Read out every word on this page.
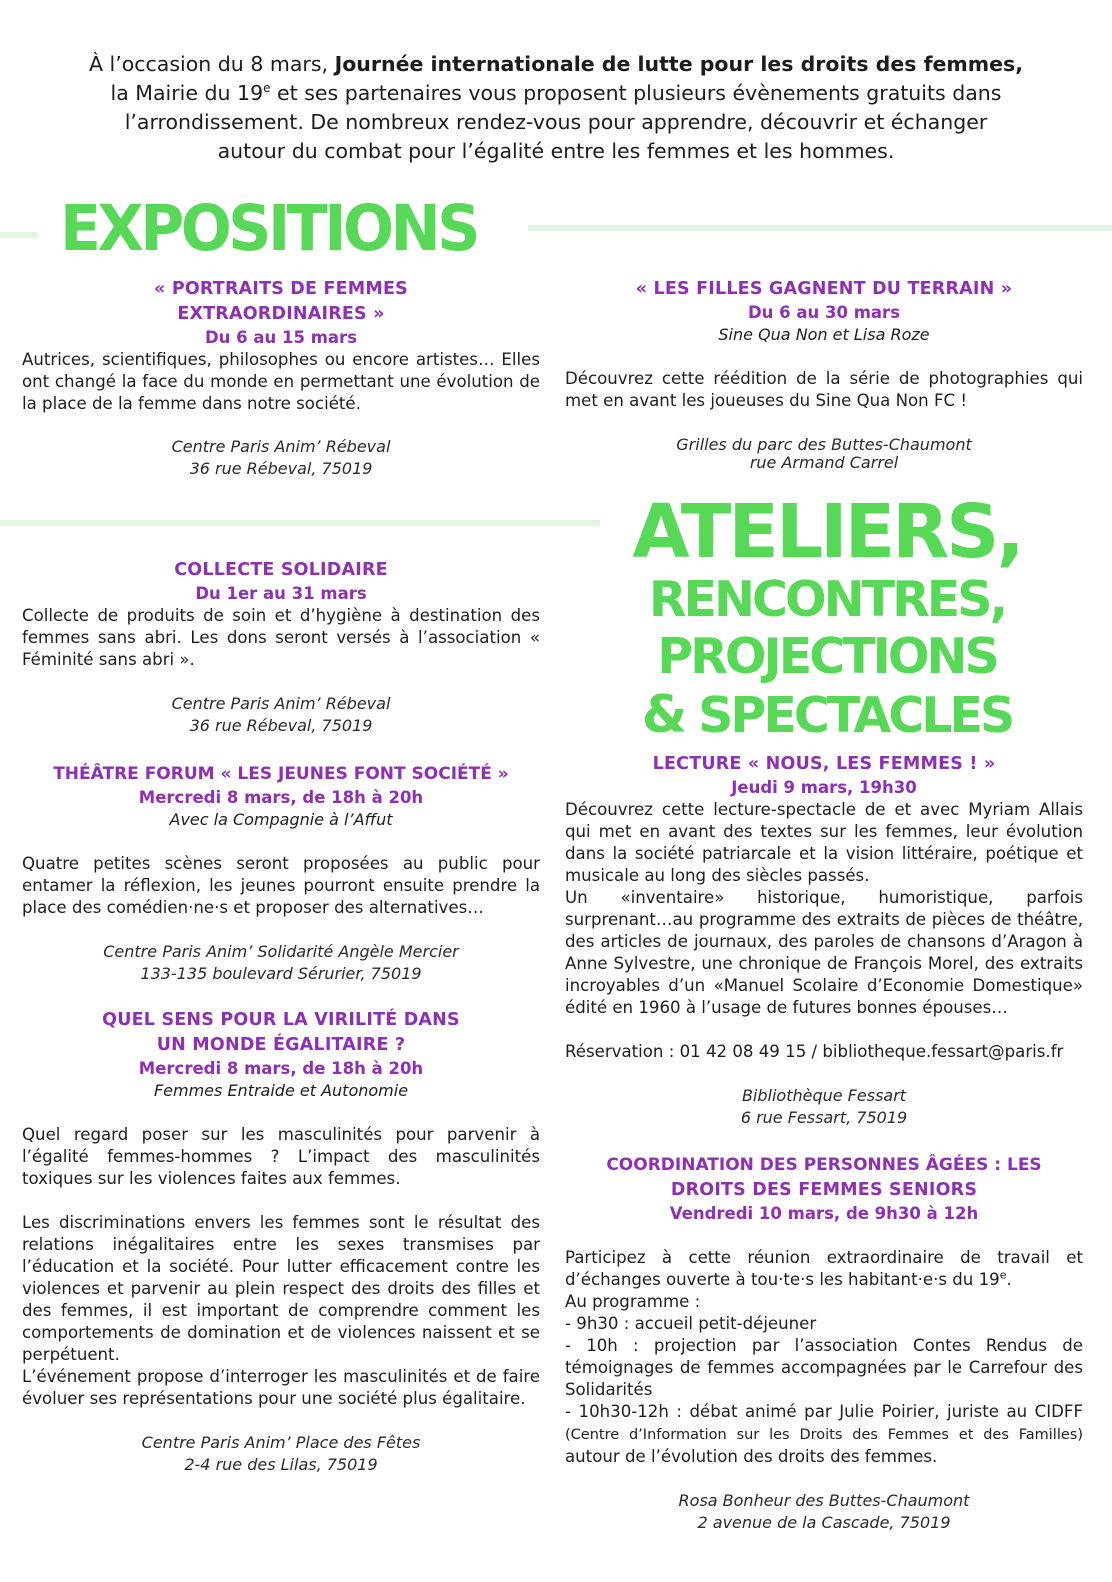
À l’occasion du 8 mars, Journée internationale de lutte pour les droits des femmes,
la Mairie du 19e et ses partenaires vous proposent plusieurs évènements gratuits dans
l’arrondissement. De nombreux rendez-vous pour apprendre, découvrir et échanger
autour du combat pour l’égalité entre les femmes et les hommes.
EXPOSITIONS
ATELIERS,
RENCONTRES,
PROJECTIONS
& SPECTACLES
« PORTRAITS DE FEMMES
EXTRAORDINAIRES »
Du 6 au 15 mars
Autrices, scientifiques, philosophes ou encore artistes… Elles ont changé la face du monde en permettant une évolution de la place de la femme dans notre société.
Centre Paris Anim’ Rébeval
36 rue Rébeval, 75019
« LES FILLES GAGNENT DU TERRAIN »
Du 6 au 30 mars
Sine Qua Non et Lisa Roze
Découvrez cette réédition de la série de photographies qui met en avant les joueuses du Sine Qua Non FC !
Grilles du parc des Buttes-Chaumont
rue Armand Carrel
COLLECTE SOLIDAIRE
Du 1er au 31 mars
Collecte de produits de soin et d’hygiène à destination des femmes sans abri. Les dons seront versés à l’association « Féminité sans abri ».
Centre Paris Anim’ Rébeval
36 rue Rébeval, 75019
THÉÂTRE FORUM « LES JEUNES FONT SOCIÉTÉ »
Mercredi 8 mars, de 18h à 20h
Avec la Compagnie à l’Affut
Quatre petites scènes seront proposées au public pour entamer la réflexion, les jeunes pourront ensuite prendre la place des comédien·ne·s et proposer des alternatives…
Centre Paris Anim’ Solidarité Angèle Mercier
133-135 boulevard Sérurier, 75019
QUEL SENS POUR LA VIRILITÉ DANS
UN MONDE ÉGALITAIRE ?
Mercredi 8 mars, de 18h à 20h
Femmes Entraide et Autonomie

Quel regard poser sur les masculinités pour parvenir à l’égalité femmes-hommes ? L’impact des masculinités toxiques sur les violences faites aux femmes.

Les discriminations envers les femmes sont le résultat des relations inégalitaires entre les sexes transmises par l’éducation et la société. Pour lutter efficacement contre les violences et parvenir au plein respect des droits des filles et des femmes, il est important de comprendre comment les comportements de domination et de violences naissent et se perpétuent.

L’événement propose d’interroger les masculinités et de faire évoluer ses représentations pour une société plus égalitaire.

Centre Paris Anim’ Place des Fêtes
2-4 rue des Lilas, 75019
LECTURE « NOUS, LES FEMMES ! »
Jeudi 9 mars, 19h30

Découvrez cette lecture-spectacle de et avec Myriam Allais qui met en avant des textes sur les femmes, leur évolution dans la société patriarcale et la vision littéraire, poétique et musicale au long des siècles passés.

Un «inventaire» historique, humoristique, parfois surprenant…au programme des extraits de pièces de théâtre, des articles de journaux, des paroles de chansons d’Aragon à Anne Sylvestre, une chronique de François Morel, des extraits incroyables d’un «Manuel Scolaire d’Economie Domestique» édité en 1960 à l’usage de futures bonnes épouses…

Réservation : 01 42 08 49 15 / bibliotheque.fessart@paris.fr

Bibliothèque Fessart
6 rue Fessart, 75019
COORDINATION DES PERSONNES ÂGÉES : LES
DROITS DES FEMMES SENIORS
Vendredi 10 mars, de 9h30 à 12h

Participez à cette réunion extraordinaire de travail et d’échanges ouverte à tou·te·s les habitant·e·s du 19e.

Au programme :

- 9h30 : accueil petit-déjeuner

- 10h : projection par l’association Contes Rendus de témoignages de femmes accompagnées par le Carrefour des Solidarités

- 10h30-12h : débat animé par Julie Poirier, juriste au CIDFF (Centre d’Information sur les Droits des Femmes et des Familles) autour de l’évolution des droits des femmes.

Rosa Bonheur des Buttes-Chaumont
2 avenue de la Cascade, 75019
